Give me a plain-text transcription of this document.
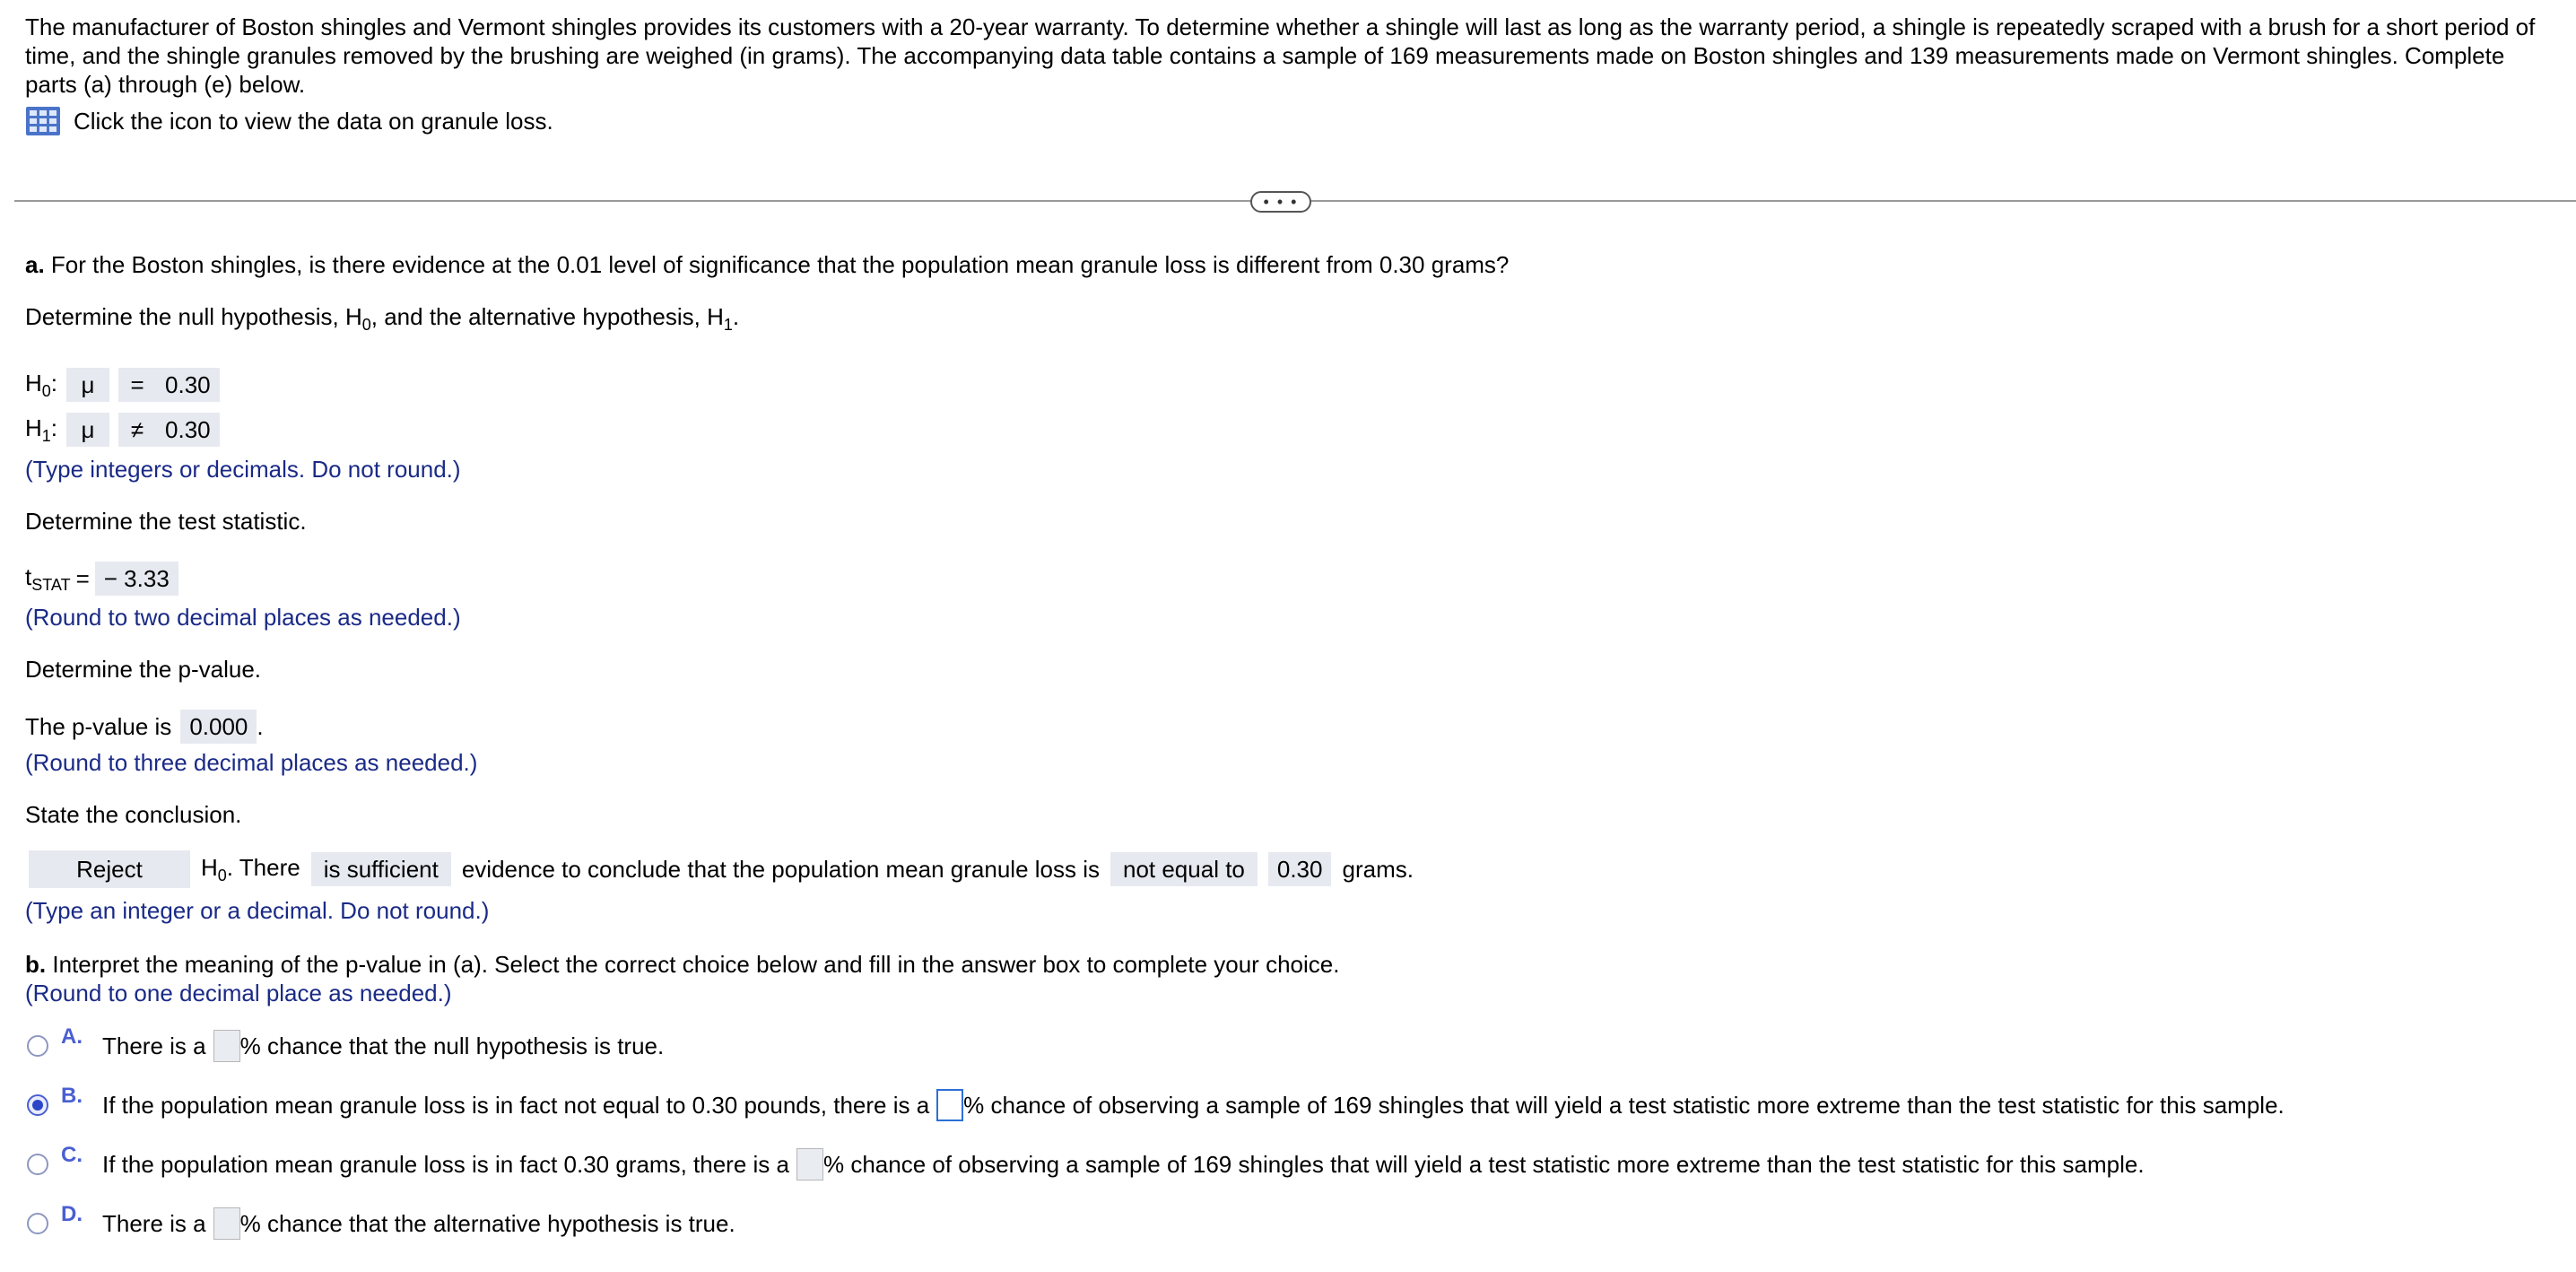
The manufacturer of Boston shingles and Vermont shingles provides its customers with a 20-year warranty. To determine whether a shingle will last as long as the warranty period, a shingle is repeatedly scraped with a brush for a short period of time, and the shingle granules removed by the brushing are weighed (in grams). The accompanying data table contains a sample of 169 measurements made on Boston shingles and 139 measurements made on Vermont shingles. Complete parts (a) through (e) below.
Click the icon to view the data on granule loss.
• • •
a. For the Boston shingles, is there evidence at the 0.01 level of significance that the population mean granule loss is different from 0.30 grams?
Determine the null hypothesis, $H_0$, and the alternative hypothesis, $H_1$.
$H_0$:	μ	= 0.30
$H_1$:	μ	≠ 0.30
(Type integers or decimals. Do not round.)
Determine the test statistic.
$t_{STAT}$ = − 3.33
(Round to two decimal places as needed.)
Determine the p-value.
The p-value is 0.000 .
(Round to three decimal places as needed.)
State the conclusion.
Reject	$H_0$. There	is sufficient	evidence to conclude that the population mean granule loss is	not equal to	0.30 grams.
(Type an integer or a decimal. Do not round.)
b. Interpret the meaning of the p-value in (a). Select the correct choice below and fill in the answer box to complete your choice.
(Round to one decimal place as needed.)
A. There is a % chance that the null hypothesis is true.
B. If the population mean granule loss is in fact not equal to 0.30 pounds, there is a % chance of observing a sample of 169 shingles that will yield a test statistic more extreme than the test statistic for this sample.
C. If the population mean granule loss is in fact 0.30 grams, there is a % chance of observing a sample of 169 shingles that will yield a test statistic more extreme than the test statistic for this sample.
D. There is a % chance that the alternative hypothesis is true.
